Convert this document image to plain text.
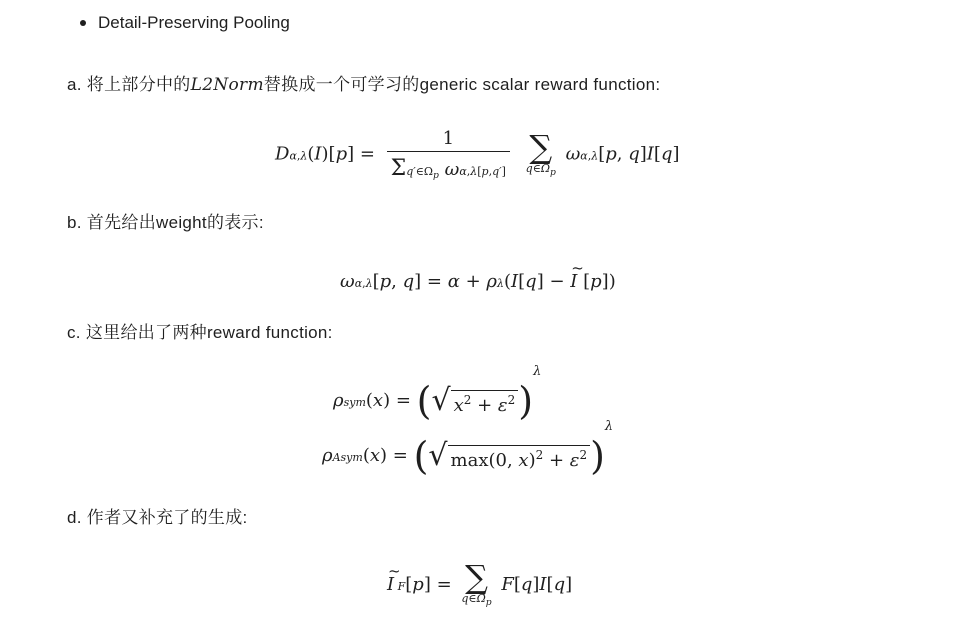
Detail-Preserving Pooling
a. 将上部分中的L2Norm替换成一个可学习的generic scalar reward function:
$D\alpha,\lambda(I)[p] = \frac{1}{\Sigma q'\in\Omega_p \omega\alpha,\lambda[p,q']}$
∑
$q\in\Omega_p$
ωα,λ[p, q]I[q]
b. 首先给出weight的表示:
ωα,λ[p, q] = α + ρλ(I[q] − ~ I [p])
c. 这里给出了两种reward function:
ρsym(x) = ( √ $x^2 + \varepsilon^2$ )$^\lambda$
ρAsym(x) = ( √ max(0, $x)^2 + \varepsilon^2$ )$^\lambda$
d. 作者又补充了的生成:
~ I F[p] = ∑
$q\in\Omegã_p$
F[q]I[q]
